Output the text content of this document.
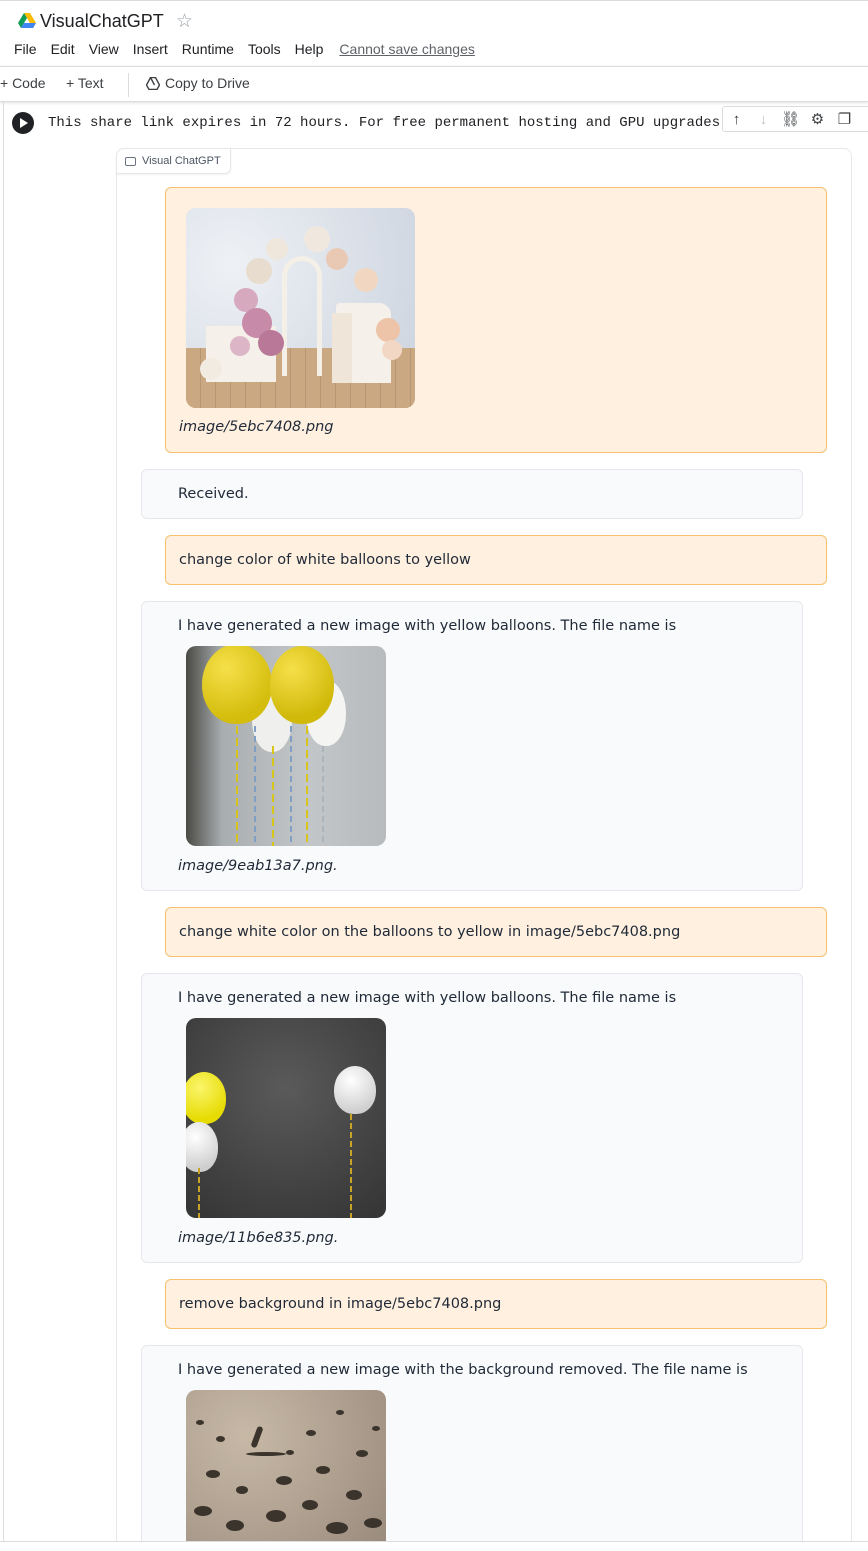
VisualChatGPT ☆
File Edit View Insert Runtime Tools Help Cannot save changes
+ Code + Text	Copy to Drive
This share link expires in 72 hours. For free permanent hosting and GPU upgrades ↑	↓ ⛓ ⚙ ❐
Visual ChatGPT
image/5ebc7408.png
Received.
change color of white balloons to yellow
I have generated a new image with yellow balloons. The file name is
image/9eab13a7.png.
change white color on the balloons to yellow in image/5ebc7408.png
I have generated a new image with yellow balloons. The file name is
image/11b6e835.png.
remove background in image/5ebc7408.png
I have generated a new image with the background removed. The file name is
